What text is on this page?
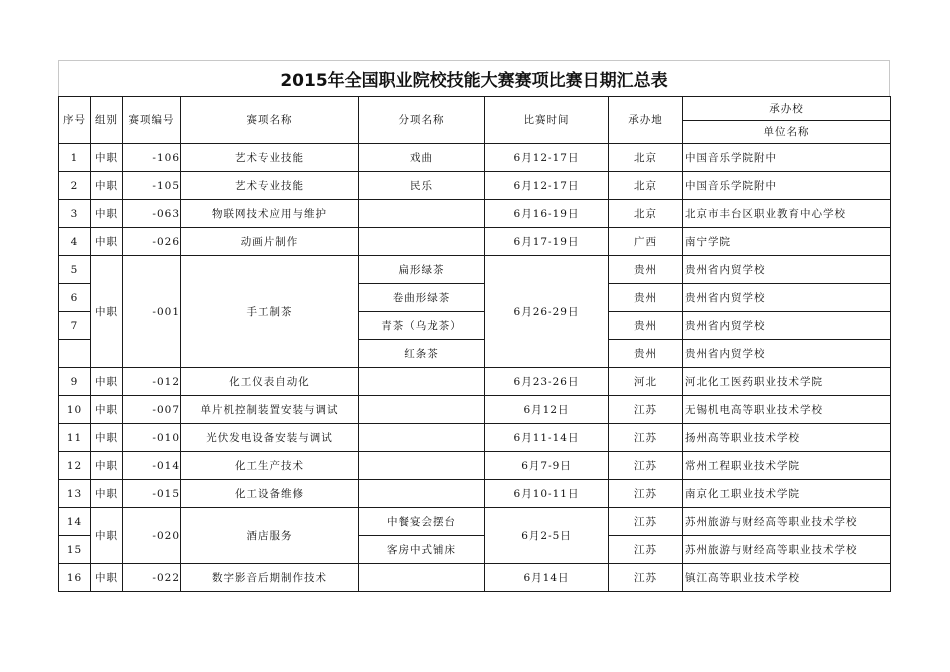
2015年全国职业院校技能大赛赛项比赛日期汇总表
序号	组别	赛项编号	赛项名称	分项名称	比赛时间	承办地	承办校
							单位名称
1	中职	-106	艺术专业技能	戏曲	6月12-17日	北京	中国音乐学院附中
2	中职	-105	艺术专业技能	民乐	6月12-17日	北京	中国音乐学院附中
3	中职	-063	物联网技术应用与维护		6月16-19日	北京	北京市丰台区职业教育中心学校
4	中职	-026	动画片制作		6月17-19日	广西	南宁学院
5	中职	-001	手工制茶	扁形绿茶	6月26-29日	贵州	贵州省内贸学校
6				卷曲形绿茶		贵州	贵州省内贸学校
7				青茶（乌龙茶）		贵州	贵州省内贸学校
				红条茶		贵州	贵州省内贸学校
9	中职	-012	化工仪表自动化		6月23-26日	河北	河北化工医药职业技术学院
10	中职	-007	单片机控制装置安装与调试		6月12日	江苏	无锡机电高等职业技术学校
11	中职	-010	光伏发电设备安装与调试		6月11-14日	江苏	扬州高等职业技术学校
12	中职	-014	化工生产技术		6月7-9日	江苏	常州工程职业技术学院
13	中职	-015	化工设备维修		6月10-11日	江苏	南京化工职业技术学院
14	中职	-020	酒店服务	中餐宴会摆台	6月2-5日	江苏	苏州旅游与财经高等职业技术学校
15				客房中式铺床		江苏	苏州旅游与财经高等职业技术学校
16	中职	-022	数字影音后期制作技术		6月14日	江苏	镇江高等职业技术学校
